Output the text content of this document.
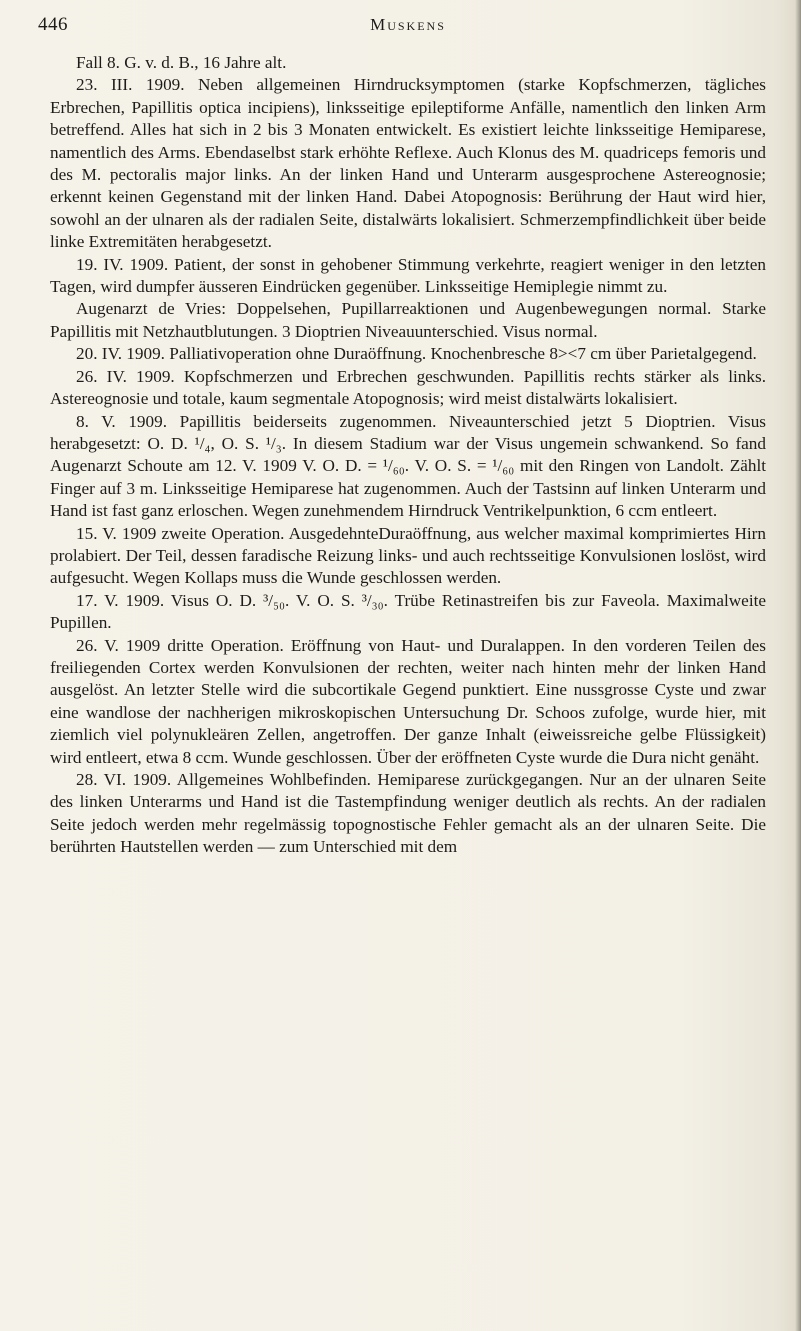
446	Muskens

Fall 8. G. v. d. B., 16 Jahre alt.

23. III. 1909. Neben allgemeinen Hirndrucksymptomen (starke Kopfschmerzen, tägliches Erbrechen, Papillitis optica incipiens), linksseitige epileptiforme Anfälle, namentlich den linken Arm betreffend. Alles hat sich in 2 bis 3 Monaten entwickelt. Es existiert leichte linksseitige Hemiparese, namentlich des Arms. Ebendaselbst stark erhöhte Reflexe. Auch Klonus des M. quadriceps femoris und des M. pectoralis major links. An der linken Hand und Unterarm ausgesprochene Astereognosie; erkennt keinen Gegenstand mit der linken Hand. Dabei Atopognosis: Berührung der Haut wird hier, sowohl an der ulnaren als der radialen Seite, distalwärts lokalisiert. Schmerzempfindlichkeit über beide linke Extremitäten herabgesetzt.

19. IV. 1909. Patient, der sonst in gehobener Stimmung verkehrte, reagiert weniger in den letzten Tagen, wird dumpfer äusseren Eindrücken gegenüber. Linksseitige Hemiplegie nimmt zu.

Augenarzt de Vries: Doppelsehen, Pupillarreaktionen und Augenbewegungen normal. Starke Papillitis mit Netzhautblutungen. 3 Dioptrien Niveauunterschied. Visus normal.

20. IV. 1909. Palliativoperation ohne Duraöffnung. Knochenbresche 8><7 cm über Parietalgegend.

26. IV. 1909. Kopfschmerzen und Erbrechen geschwunden. Papillitis rechts stärker als links. Astereognosie und totale, kaum segmentale Atopognosis; wird meist distalwärts lokalisiert.

8. V. 1909. Papillitis beiderseits zugenommen. Niveaunterschied jetzt 5 Dioptrien. Visus herabgesetzt: O. D. ¹/₄, O. S. ¹/₃. In diesem Stadium war der Visus ungemein schwankend. So fand Augenarzt Schoute am 12. V. 1909 V. O. D. = ¹/₆₀. V. O. S. = ¹/₆₀ mit den Ringen von Landolt. Zählt Finger auf 3 m. Linksseitige Hemiparese hat zugenommen. Auch der Tastsinn auf linken Unterarm und Hand ist fast ganz erloschen. Wegen zunehmendem Hirndruck Ventrikelpunktion, 6 ccm entleert.

15. V. 1909 zweite Operation. AusgedehnteDuraöffnung, aus welcher maximal komprimiertes Hirn prolabiert. Der Teil, dessen faradische Reizung links- und auch rechtsseitige Konvulsionen loslöst, wird aufgesucht. Wegen Kollaps muss die Wunde geschlossen werden.

17. V. 1909. Visus O. D. ³/₅₀. V. O. S. ³/₃₀. Trübe Retinastreifen bis zur Faveola. Maximalweite Pupillen.

26. V. 1909 dritte Operation. Eröffnung von Haut- und Duralappen. In den vorderen Teilen des freiliegenden Cortex werden Konvulsionen der rechten, weiter nach hinten mehr der linken Hand ausgelöst. An letzter Stelle wird die subcortikale Gegend punktiert. Eine nussgrosse Cyste und zwar eine wandlose der nachherigen mikroskopischen Untersuchung Dr. Schoos zufolge, wurde hier, mit ziemlich viel polynukleären Zellen, angetroffen. Der ganze Inhalt (eiweissreiche gelbe Flüssigkeit) wird entleert, etwa 8 ccm. Wunde geschlossen. Über der eröffneten Cyste wurde die Dura nicht genäht.

28. VI. 1909. Allgemeines Wohlbefinden. Hemiparese zurückgegangen. Nur an der ulnaren Seite des linken Unterarms und Hand ist die Tastempfindung weniger deutlich als rechts. An der radialen Seite jedoch werden mehr regelmässig topognostische Fehler gemacht als an der ulnaren Seite. Die berührten Hautstellen werden — zum Unterschied mit dem
